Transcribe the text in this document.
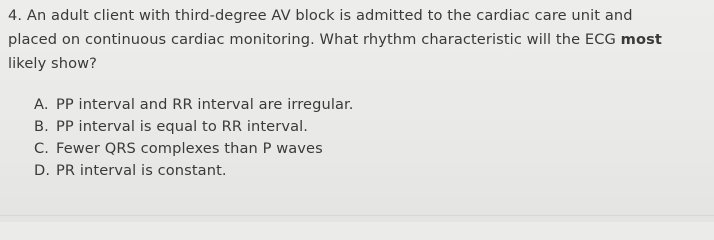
4. An adult client with third-degree AV block is admitted to the cardiac care unit and
placed on continuous cardiac monitoring. What rhythm characteristic will the ECG most
likely show?
A. PP interval and RR interval are irregular.
B. PP interval is equal to RR interval.
C. Fewer QRS complexes than P waves
D. PR interval is constant.
